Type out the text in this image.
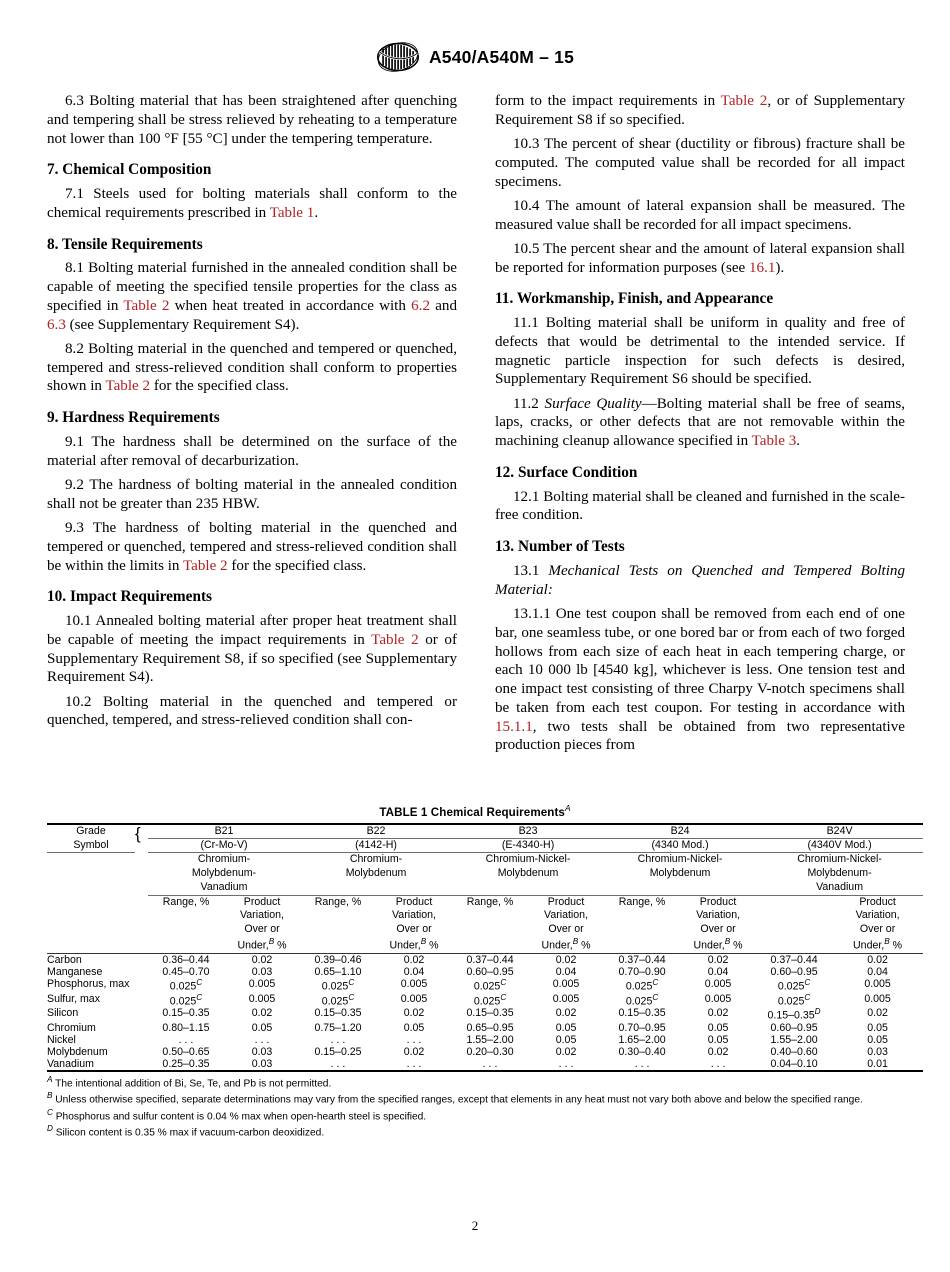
A540/A540M – 15

6.3 Bolting material that has been straightened after quenching and tempering shall be stress relieved by reheating to a temperature not lower than 100 °F [55 °C] under the tempering temperature.

7. Chemical Composition

7.1 Steels used for bolting materials shall conform to the chemical requirements prescribed in Table 1.

8. Tensile Requirements

8.1 Bolting material furnished in the annealed condition shall be capable of meeting the specified tensile properties for the class as specified in Table 2 when heat treated in accordance with 6.2 and 6.3 (see Supplementary Requirement S4).

8.2 Bolting material in the quenched and tempered or quenched, tempered and stress-relieved condition shall conform to properties shown in Table 2 for the specified class.

9. Hardness Requirements

9.1 The hardness shall be determined on the surface of the material after removal of decarburization.

9.2 The hardness of bolting material in the annealed condition shall not be greater than 235 HBW.

9.3 The hardness of bolting material in the quenched and tempered or quenched, tempered and stress-relieved condition shall be within the limits in Table 2 for the specified class.

10. Impact Requirements

10.1 Annealed bolting material after proper heat treatment shall be capable of meeting the impact requirements in Table 2 or of Supplementary Requirement S8, if so specified (see Supplementary Requirement S4).

10.2 Bolting material in the quenched and tempered or quenched, tempered, and stress-relieved condition shall con-

form to the impact requirements in Table 2, or of Supplementary Requirement S8 if so specified.

10.3 The percent of shear (ductility or fibrous) fracture shall be computed. The computed value shall be recorded for all impact specimens.

10.4 The amount of lateral expansion shall be measured. The measured value shall be recorded for all impact specimens.

10.5 The percent shear and the amount of lateral expansion shall be reported for information purposes (see 16.1).

11. Workmanship, Finish, and Appearance

11.1 Bolting material shall be uniform in quality and free of defects that would be detrimental to the intended service. If magnetic particle inspection for such defects is desired, Supplementary Requirement S6 should be specified.

11.2 Surface Quality—Bolting material shall be free of seams, laps, cracks, or other defects that are not removable within the machining cleanup allowance specified in Table 3.

12. Surface Condition

12.1 Bolting material shall be cleaned and furnished in the scale-free condition.

13. Number of Tests

13.1 Mechanical Tests on Quenched and Tempered Bolting Material:

13.1.1 One test coupon shall be removed from each end of one bar, one seamless tube, or one bored bar or from each of two forged hollows from each size of each heat in each tempering charge, or each 10 000 lb [4540 kg], whichever is less. One tension test and one impact test consisting of three Charpy V-notch specimens shall be taken from each test coupon. For testing in accordance with 15.1.1, two tests shall be obtained from two representative production pieces from

TABLE 1 Chemical Requirements$^A$
Grade
Symbol	{	B21		B22		B23		B24		B24V	
		(Cr-Mo-V)		(4142-H)		(E-4340-H)		(4340 Mod.)		(4340V Mod.)	
		Chromium-
Molybdenum-
Vanadium		Chromium-
Molybdenum		Chromium-Nickel-
Molybdenum		Chromium-Nickel-
Molybdenum		Chromium-Nickel-
Molybdenum-
Vanadium	
		Range, %	Product
Variation,
Over or
Under,$^B$ %	Range, %	Product
Variation,
Over or
Under,$^B$ %	Range, %	Product
Variation,
Over or
Under,$^B$ %	Range, %	Product
Variation,
Over or
Under,$^B$ %		Product
Variation,
Over or
Under,$^B$ %
Carbon		0.36–0.44	0.02	0.39–0.46	0.02	0.37–0.44	0.02	0.37–0.44	0.02	0.37–0.44	0.02
Manganese		0.45–0.70	0.03	0.65–1.10	0.04	0.60–0.95	0.04	0.70–0.90	0.04	0.60–0.95	0.04
Phosphorus, max		$0.025^C$	0.005	$0.025^C$	0.005	$0.025^C$	0.005	$0.025^C$	0.005	$0.025^C$	0.005
Sulfur, max		$0.025^C$	0.005	$0.025^C$	0.005	$0.025^C$	0.005	$0.025^C$	0.005	$0.025^C$	0.005
Silicon		0.15–0.35	0.02	0.15–0.35	0.02	0.15–0.35	0.02	0.15–0.35	0.02	$0.15-0.35^D$	0.02
Chromium		0.80–1.15	0.05	0.75–1.20	0.05	0.65–0.95	0.05	0.70–0.95	0.05	0.60–0.95	0.05
Nickel		. . .	. . .	. . .	. . .	1.55–2.00	0.05	1.65–2.00	0.05	1.55–2.00	0.05
Molybdenum		0.50–0.65	0.03	0.15–0.25	0.02	0.20–0.30	0.02	0.30–0.40	0.02	0.40–0.60	0.03
Vanadium		0.25–0.35	0.03	. . .	. . .	. . .	. . .	. . .	. . .	0.04–0.10	0.01
$^A$ The intentional addition of Bi, Se, Te, and Pb is not permitted.
$^B$ Unless otherwise specified, separate determinations may vary from the specified ranges, except that elements in any heat must not vary both above and below the specified range.
$^C$ Phosphorus and sulfur content is 0.04 % max when open-hearth steel is specified.
$^D$ Silicon content is 0.35 % max if vacuum-carbon deoxidized.
2
